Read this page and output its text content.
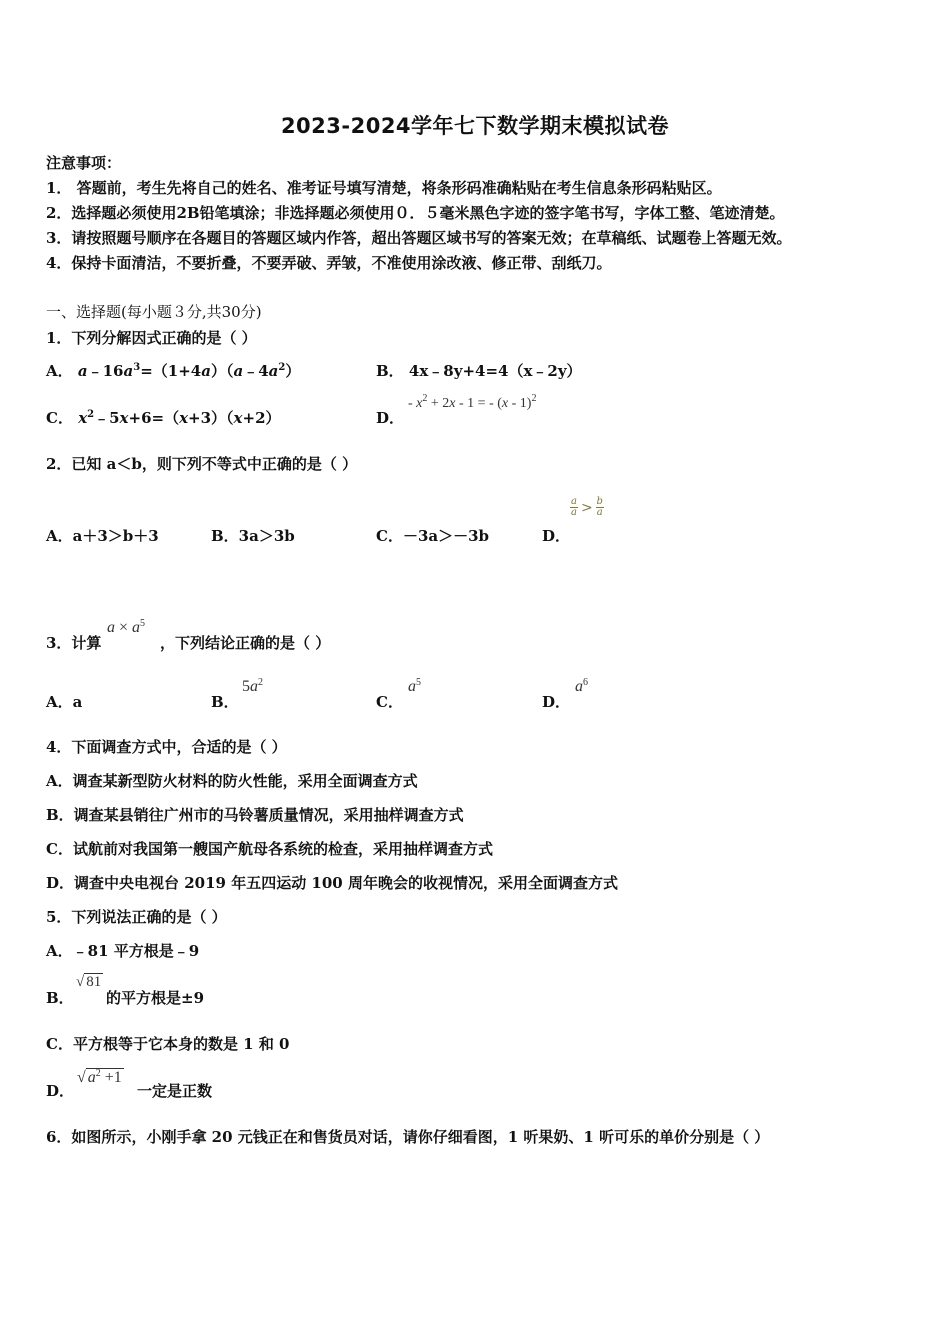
2023-2024学年七下数学期末模拟试卷
注意事项：
1． 答题前，考生先将自己的姓名、准考证号填写清楚，将条形码准确粘贴在考生信息条形码粘贴区。
2．选择题必须使用2B铅笔填涂；非选择题必须使用０．５毫米黑色字迹的签字笔书写，字体工整、笔迹清楚。
3．请按照题号顺序在各题目的答题区域内作答，超出答题区域书写的答案无效；在草稿纸、试题卷上答题无效。
4．保持卡面清洁，不要折叠，不要弄破、弄皱，不准使用涂改液、修正带、刮纸刀。
一、选择题(每小题３分,共30分)
1．下列分解因式正确的是（ ）
A． $a﹣16a^3=(1+4a)(a﹣4a^2)$	B． 4x﹣8y+4=4（x﹣2y）
C． $x^2﹣5x+6=(x+3)(x+2)$	D．
- $x^2 + 2x - 1$ = - (x - 1)$^2$
2．已知 a＜b，则下列不等式中正确的是（ ）
A．a＋3＞b＋3	B．3a＞3b	C．－3a＞－3b	D．
$\frac{a}{a} > \frac{b}{a}$
3．计算
$a \times a^5$
，下列结论正确的是（ ）
A．a	B．
$5a^2$
C．
$a^5$
D．
$a^6$
4．下面调查方式中，合适的是（ ）
A．调查某新型防火材料的防火性能，采用全面调查方式
B．调查某县销往广州市的马铃薯质量情况，采用抽样调查方式
C．试航前对我国第一艘国产航母各系统的检查，采用抽样调查方式
D．调查中央电视台 2019 年五四运动 100 周年晚会的收视情况，采用全面调查方式
5．下列说法正确的是（ ）
A．﹣81 平方根是﹣9
B．
√ 81
的平方根是±9
C．平方根等于它本身的数是 1 和 0
D．
√ $a^2 +1$
一定是正数
6．如图所示，小刚手拿 20 元钱正在和售货员对话，请你仔细看图，1 听果奶、1 听可乐的单价分别是（ ）
